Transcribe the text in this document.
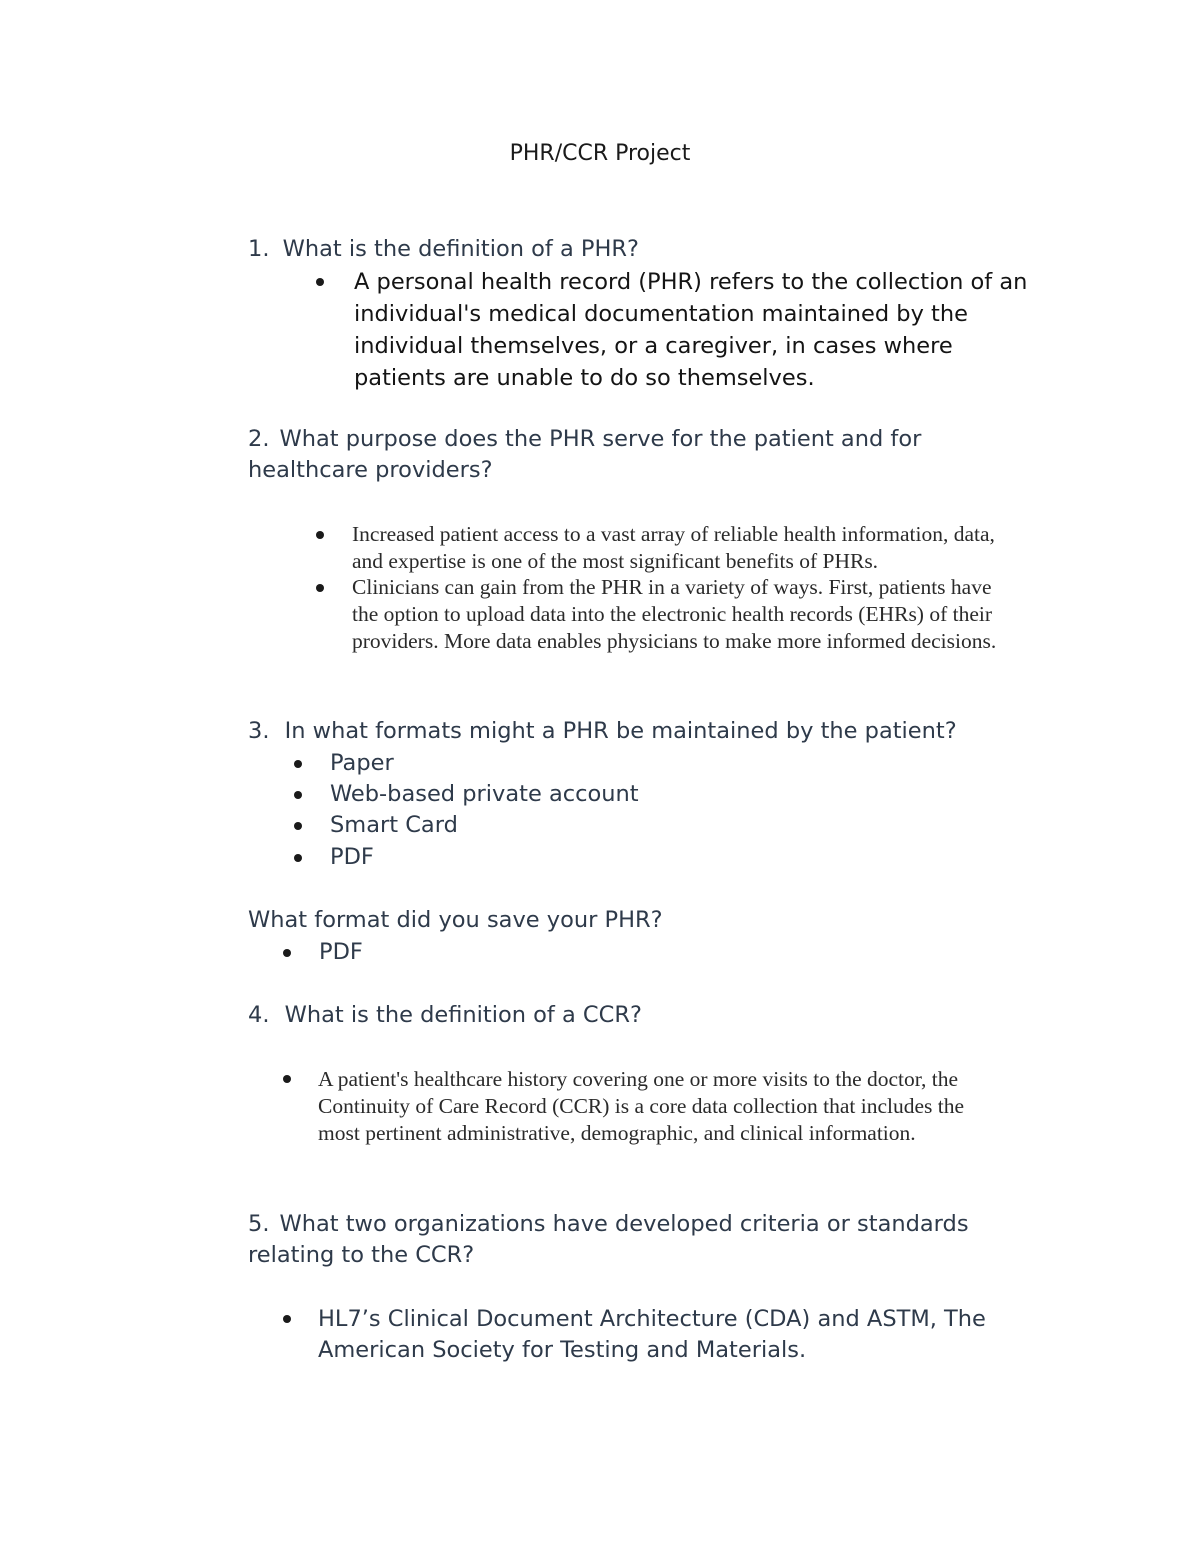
PHR/CCR Project
1. What is the definition of a PHR?
A personal health record (PHR) refers to the collection of an
individual's medical documentation maintained by the
individual themselves, or a caregiver, in cases where
patients are unable to do so themselves.
2. What purpose does the PHR serve for the patient and for
healthcare providers?
Increased patient access to a vast array of reliable health information, data,
and expertise is one of the most significant benefits of PHRs.
Clinicians can gain from the PHR in a variety of ways. First, patients have
the option to upload data into the electronic health records (EHRs) of their
providers. More data enables physicians to make more informed decisions.
3. In what formats might a PHR be maintained by the patient?
Paper
Web-based private account
Smart Card
PDF
What format did you save your PHR?
PDF
4. What is the definition of a CCR?
A patient's healthcare history covering one or more visits to the doctor, the
Continuity of Care Record (CCR) is a core data collection that includes the
most pertinent administrative, demographic, and clinical information.
5. What two organizations have developed criteria or standards
relating to the CCR?
HL7’s Clinical Document Architecture (CDA) and ASTM, The
American Society for Testing and Materials.
